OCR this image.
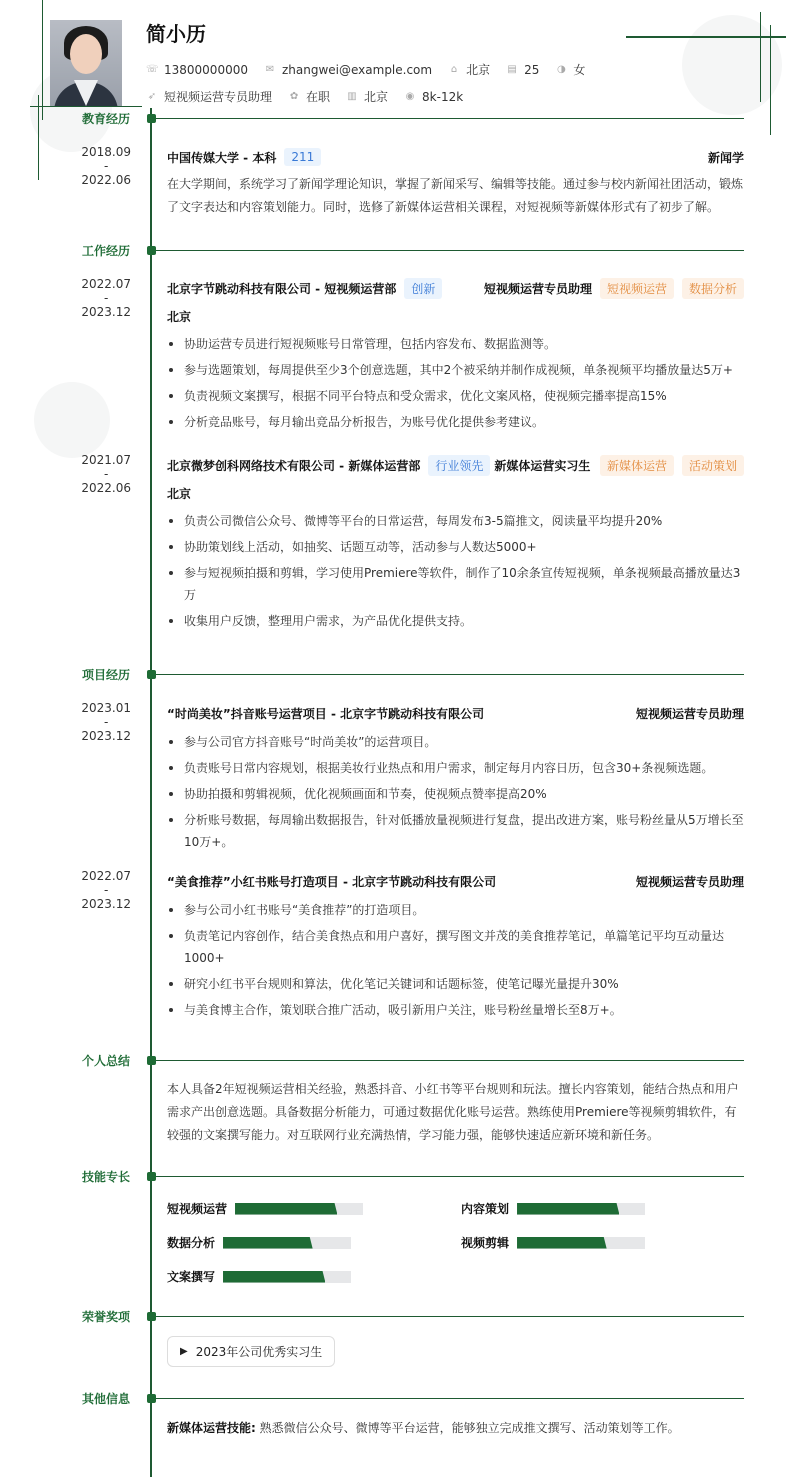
简小历
☏ 13800000000 ✉ zhangwei@example.com ⌂ 北京 ▤ 25 ◑ 女
➶ 短视频运营专员助理 ✿ 在职 ▥ 北京 ◉ 8k-12k
教育经历
工作经历
项目经历
个人总结
技能专长
荣誉奖项
其他信息
2018.09
-
2022.06
中国传媒大学 - 本科	211	新闻学
在大学期间，系统学习了新闻学理论知识，掌握了新闻采写、编辑等技能。通过参与校内新闻社团活动，锻炼了文字表达和内容策划能力。同时，选修了新媒体运营相关课程，对短视频等新媒体形式有了初步了解。
2022.07
-
2023.12
北京字节跳动科技有限公司 - 短视频运营部	创新	短视频运营专员助理	短视频运营	数据分析
北京
协助运营专员进行短视频账号日常管理，包括内容发布、数据监测等。
参与选题策划，每周提供至少3个创意选题，其中2个被采纳并制作成视频，单条视频平均播放量达5万+
负责视频文案撰写，根据不同平台特点和受众需求，优化文案风格，使视频完播率提高15%
分析竞品账号，每月输出竞品分析报告，为账号优化提供参考建议。
2021.07
-
2022.06
北京微梦创科网络技术有限公司 - 新媒体运营部	行业领先 新媒体运营实习生	新媒体运营	活动策划
北京
负责公司微信公众号、微博等平台的日常运营，每周发布3-5篇推文，阅读量平均提升20%
协助策划线上活动，如抽奖、话题互动等，活动参与人数达5000+
参与短视频拍摄和剪辑，学习使用Premiere等软件，制作了10余条宣传短视频，单条视频最高播放量达3万
收集用户反馈，整理用户需求，为产品优化提供支持。
2023.01
-
2023.12
“时尚美妆”抖音账号运营项目 - 北京字节跳动科技有限公司	短视频运营专员助理
参与公司官方抖音账号“时尚美妆”的运营项目。
负责账号日常内容规划，根据美妆行业热点和用户需求，制定每月内容日历，包含30+条视频选题。
协助拍摄和剪辑视频，优化视频画面和节奏，使视频点赞率提高20%
分析账号数据，每周输出数据报告，针对低播放量视频进行复盘，提出改进方案，账号粉丝量从5万增长至10万+。
2022.07
-
2023.12
“美食推荐”小红书账号打造项目 - 北京字节跳动科技有限公司	短视频运营专员助理
参与公司小红书账号“美食推荐”的打造项目。
负责笔记内容创作，结合美食热点和用户喜好，撰写图文并茂的美食推荐笔记，单篇笔记平均互动量达1000+
研究小红书平台规则和算法，优化笔记关键词和话题标签，使笔记曝光量提升30%
与美食博主合作，策划联合推广活动，吸引新用户关注，账号粉丝量增长至8万+。
本人具备2年短视频运营相关经验，熟悉抖音、小红书等平台规则和玩法。擅长内容策划，能结合热点和用户需求产出创意选题。具备数据分析能力，可通过数据优化账号运营。熟练使用Premiere等视频剪辑软件，有较强的文案撰写能力。对互联网行业充满热情，学习能力强，能够快速适应新环境和新任务。
短视频运营	内容策划
数据分析	视频剪辑
文案撰写
▶ 2023年公司优秀实习生
新媒体运营技能: 熟悉微信公众号、微博等平台运营，能够独立完成推文撰写、活动策划等工作。
